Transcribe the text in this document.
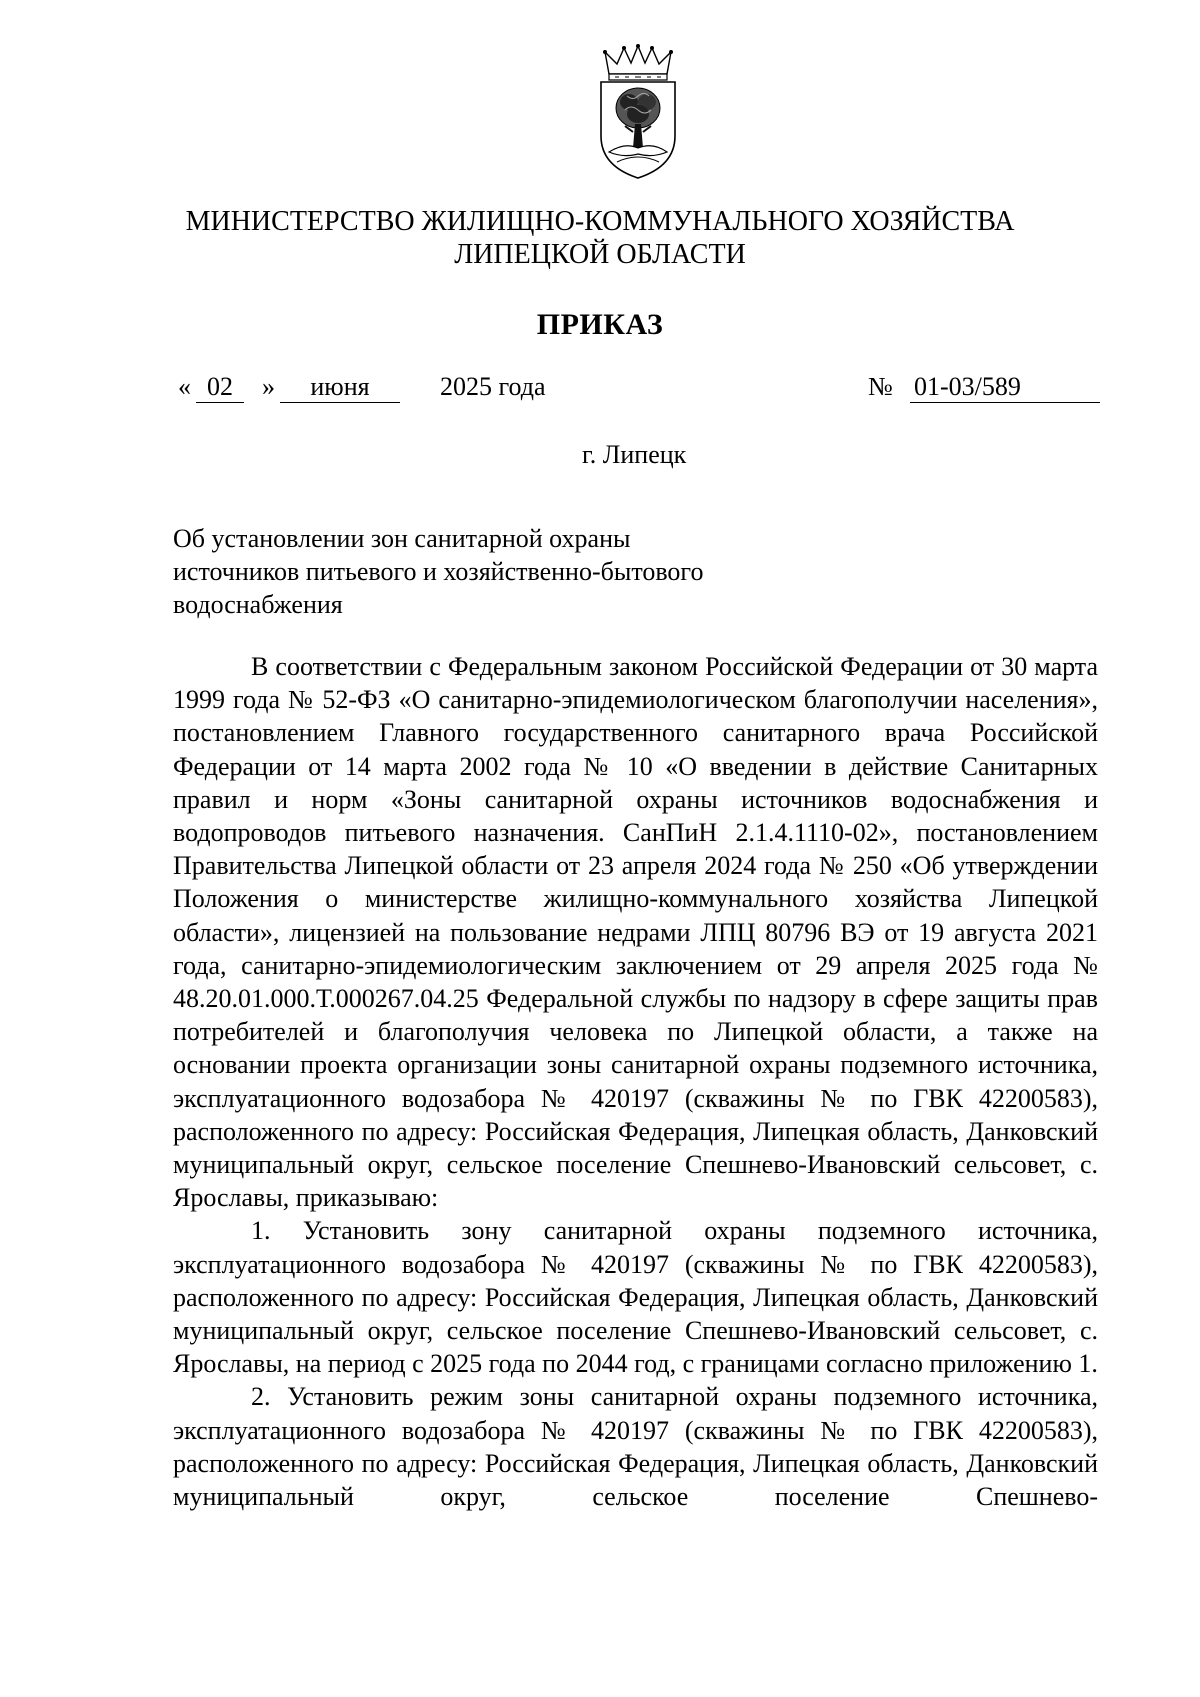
МИНИСТЕРСТВО ЖИЛИЩНО-КОММУНАЛЬНОГО ХОЗЯЙСТВА
ЛИПЕЦКОЙ ОБЛАСТИ
ПРИКАЗ
« 02	»	июня	2025 года	№ 01-03/589
г. Липецк
Об установлении зон санитарной охраны
источников питьевого и хозяйственно-бытового
водоснабжения

В соответствии с Федеральным законом Российской Федерации от 30 марта 1999 года № 52-ФЗ «О санитарно-эпидемиологическом благополучии населения», постановлением Главного государственного санитарного врача Российской Федерации от 14 марта 2002 года № 10 «О введении в действие Санитарных правил и норм «Зоны санитарной охраны источников водоснабжения и водопроводов питьевого назначения. СанПиН 2.1.4.1110-02», постановлением Правительства Липецкой области от 23 апреля 2024 года № 250 «Об утверждении Положения о министерстве жилищно-коммунального хозяйства Липецкой области», лицензией на пользование недрами ЛПЦ 80796 ВЭ от 19 августа 2021 года, санитарно-эпидемиологическим заключением от 29 апреля 2025 года № 48.20.01.000.Т.000267.04.25 Федеральной службы по надзору в сфере защиты прав потребителей и благополучия человека по Липецкой области, а также на основании проекта организации зоны санитарной охраны подземного источника, эксплуатационного водозабора № 420197 (скважины № по ГВК 42200583), расположенного по адресу: Российская Федерация, Липецкая область, Данковский муниципальный округ, сельское поселение Спешнево-Ивановский сельсовет, с. Ярославы, приказываю:

1. Установить зону санитарной охраны подземного источника, эксплуатационного водозабора № 420197 (скважины № по ГВК 42200583), расположенного по адресу: Российская Федерация, Липецкая область, Данковский муниципальный округ, сельское поселение Спешнево-Ивановский сельсовет, с. Ярославы, на период с 2025 года по 2044 год, с границами согласно приложению 1.

2. Установить режим зоны санитарной охраны подземного источника, эксплуатационного водозабора № 420197 (скважины № по ГВК 42200583), расположенного по адресу: Российская Федерация, Липецкая область, Данковский муниципальный округ, сельское поселение Спешнево-
